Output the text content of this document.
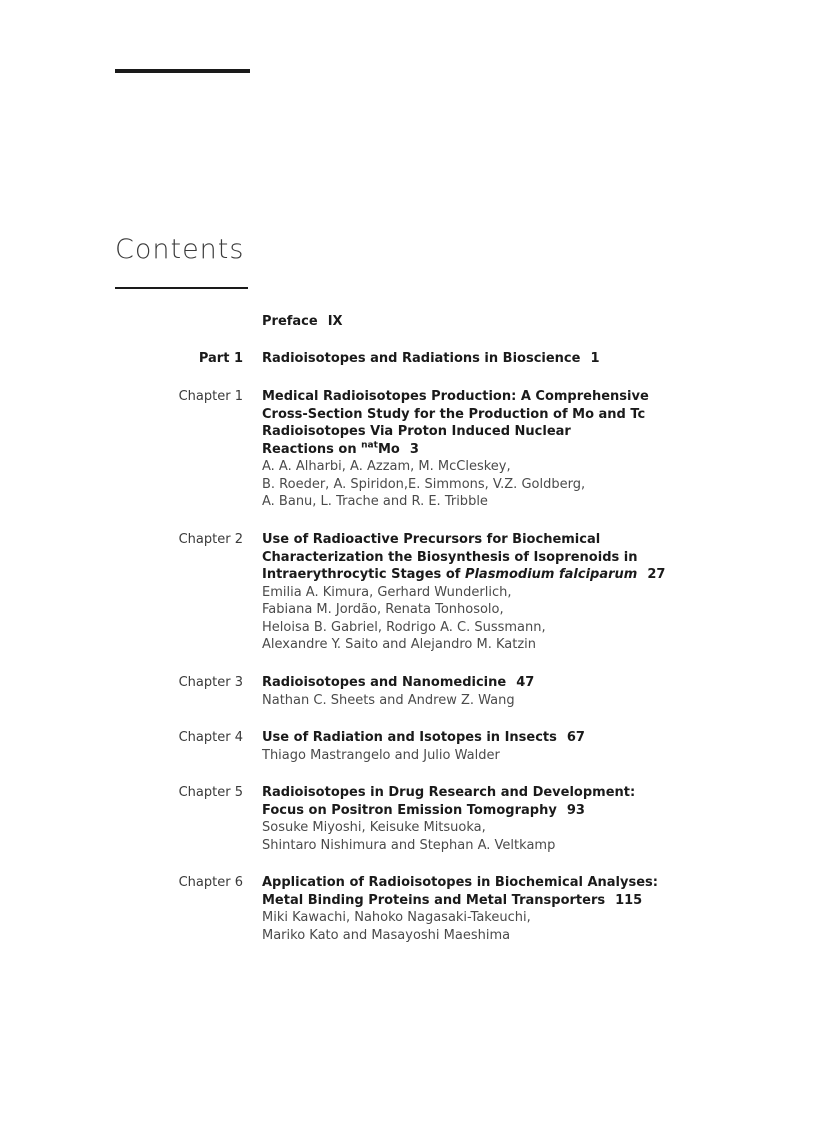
Contents
Preface IX
Part 1 Radioisotopes and Radiations in Bioscience 1
Chapter 1 Medical Radioisotopes Production: A Comprehensive
Cross-Section Study for the Production of Mo and Tc
Radioisotopes Via Proton Induced Nuclear
Reactions on $^{nat}$Mo 3
A. A. Alharbi, A. Azzam, M. McCleskey,
B. Roeder, A. Spiridon,E. Simmons, V.Z. Goldberg,
A. Banu, L. Trache and R. E. Tribble
Chapter 2 Use of Radioactive Precursors for Biochemical
Characterization the Biosynthesis of Isoprenoids in
Intraerythrocytic Stages of Plasmodium falciparum 27
Emilia A. Kimura, Gerhard Wunderlich,
Fabiana M. Jordão, Renata Tonhosolo,
Heloisa B. Gabriel, Rodrigo A. C. Sussmann,
Alexandre Y. Saito and Alejandro M. Katzin
Chapter 3 Radioisotopes and Nanomedicine 47
Nathan C. Sheets and Andrew Z. Wang
Chapter 4 Use of Radiation and Isotopes in Insects 67
Thiago Mastrangelo and Julio Walder
Chapter 5 Radioisotopes in Drug Research and Development:
Focus on Positron Emission Tomography 93
Sosuke Miyoshi, Keisuke Mitsuoka,
Shintaro Nishimura and Stephan A. Veltkamp
Chapter 6 Application of Radioisotopes in Biochemical Analyses:
Metal Binding Proteins and Metal Transporters 115
Miki Kawachi, Nahoko Nagasaki-Takeuchi,
Mariko Kato and Masayoshi Maeshima
